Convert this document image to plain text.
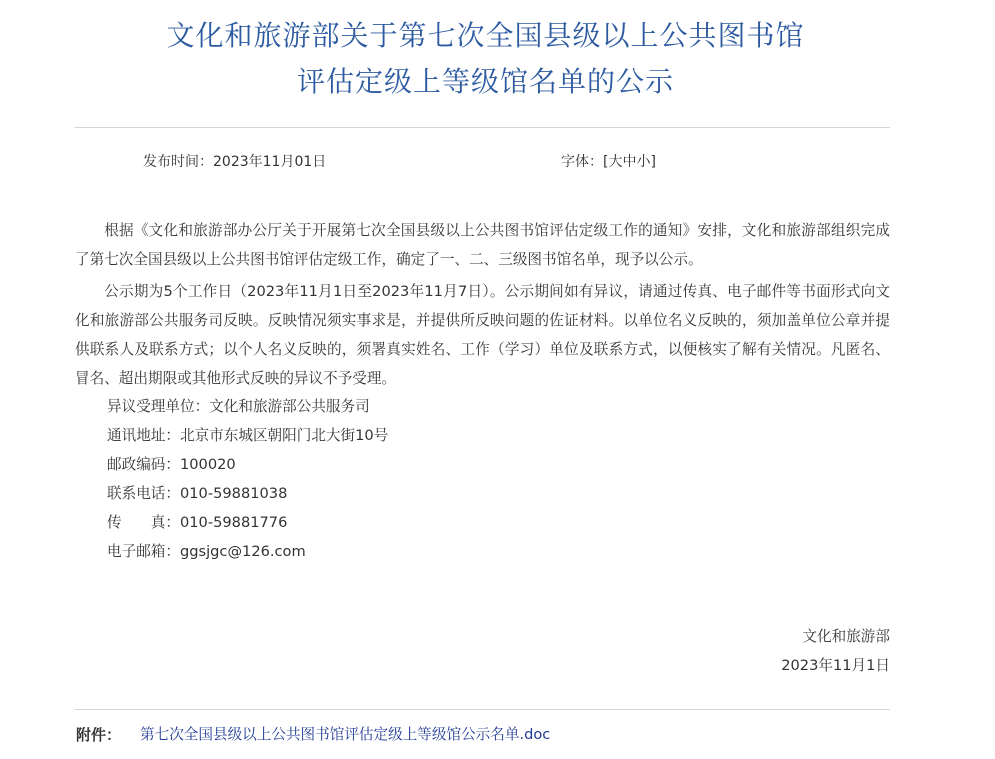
文化和旅游部关于第七次全国县级以上公共图书馆
评估定级上等级馆名单的公示
发布时间：2023年11月01日	字体：[大中小]

根据《文化和旅游部办公厅关于开展第七次全国县级以上公共图书馆评估定级工作的通知》安排，文化和旅游部组织完成了第七次全国县级以上公共图书馆评估定级工作，确定了一、二、三级图书馆名单，现予以公示。

公示期为5个工作日（2023年11月1日至2023年11月7日）。公示期间如有异议，请通过传真、电子邮件等书面形式向文化和旅游部公共服务司反映。反映情况须实事求是，并提供所反映问题的佐证材料。以单位名义反映的，须加盖单位公章并提供联系人及联系方式；以个人名义反映的，须署真实姓名、工作（学习）单位及联系方式，以便核实了解有关情况。凡匿名、冒名、超出期限或其他形式反映的异议不予受理。

异议受理单位：文化和旅游部公共服务司
通讯地址：北京市东城区朝阳门北大街10号
邮政编码：100020
联系电话：010-59881038
传　　真：010-59881776
电子邮箱：ggsjgc@126.com
文化和旅游部
2023年11月1日
附件： 第七次全国县级以上公共图书馆评估定级上等级馆公示名单.doc
